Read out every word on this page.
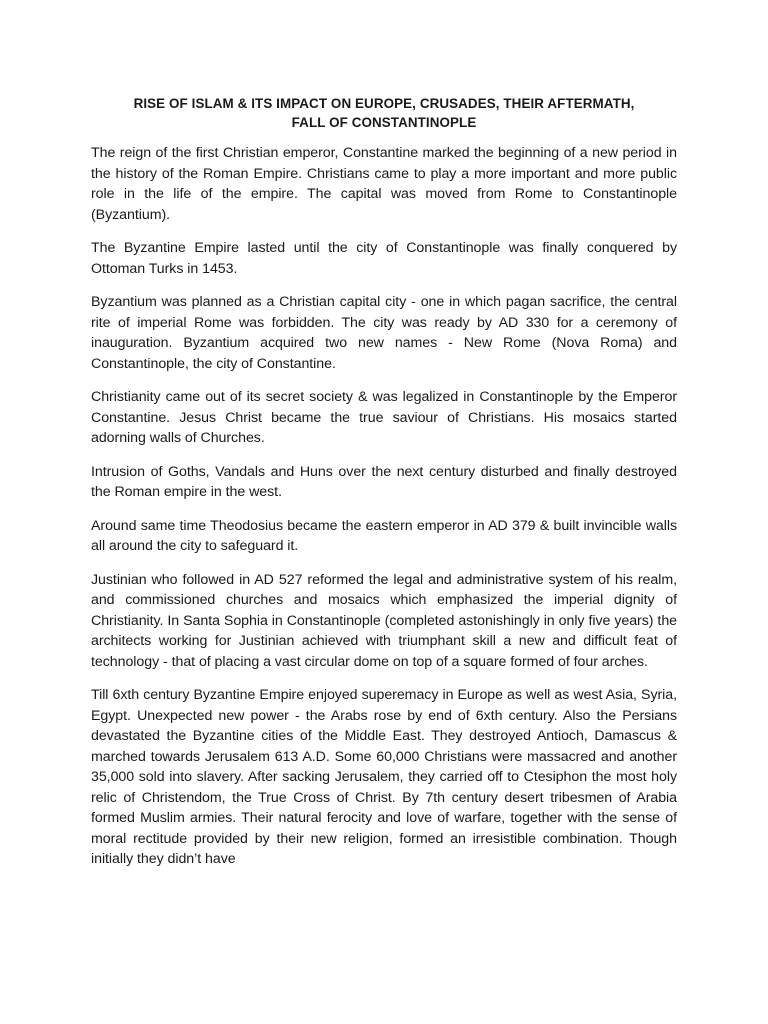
RISE OF ISLAM & ITS IMPACT ON EUROPE, CRUSADES, THEIR AFTERMATH,
FALL OF CONSTANTINOPLE

The reign of the first Christian emperor, Constantine marked the beginning of a new period in the history of the Roman Empire. Christians came to play a more important and more public role in the life of the empire. The capital was moved from Rome to Constantinople (Byzantium).

The Byzantine Empire lasted until the city of Constantinople was finally conquered by Ottoman Turks in 1453.

Byzantium was planned as a Christian capital city - one in which pagan sacrifice, the central rite of imperial Rome was forbidden. The city was ready by AD 330 for a ceremony of inauguration. Byzantium acquired two new names - New Rome (Nova Roma) and Constantinople, the city of Constantine.

Christianity came out of its secret society & was legalized in Constantinople by the Emperor Constantine. Jesus Christ became the true saviour of Christians. His mosaics started adorning walls of Churches.

Intrusion of Goths, Vandals and Huns over the next century disturbed and finally destroyed the Roman empire in the west.

Around same time Theodosius became the eastern emperor in AD 379 & built invincible walls all around the city to safeguard it.

Justinian who followed in AD 527 reformed the legal and administrative system of his realm, and commissioned churches and mosaics which emphasized the imperial dignity of Christianity. In Santa Sophia in Constantinople (completed astonishingly in only five years) the architects working for Justinian achieved with triumphant skill a new and difficult feat of technology - that of placing a vast circular dome on top of a square formed of four arches.

Till 6xth century Byzantine Empire enjoyed superemacy in Europe as well as west Asia, Syria, Egypt. Unexpected new power - the Arabs rose by end of 6xth century. Also the Persians devastated the Byzantine cities of the Middle East. They destroyed Antioch, Damascus & marched towards Jerusalem 613 A.D. Some 60,000 Christians were massacred and another 35,000 sold into slavery. After sacking Jerusalem, they carried off to Ctesiphon the most holy relic of Christendom, the True Cross of Christ. By 7th century desert tribesmen of Arabia formed Muslim armies. Their natural ferocity and love of warfare, together with the sense of moral rectitude provided by their new religion, formed an irresistible combination. Though initially they didn’t have
